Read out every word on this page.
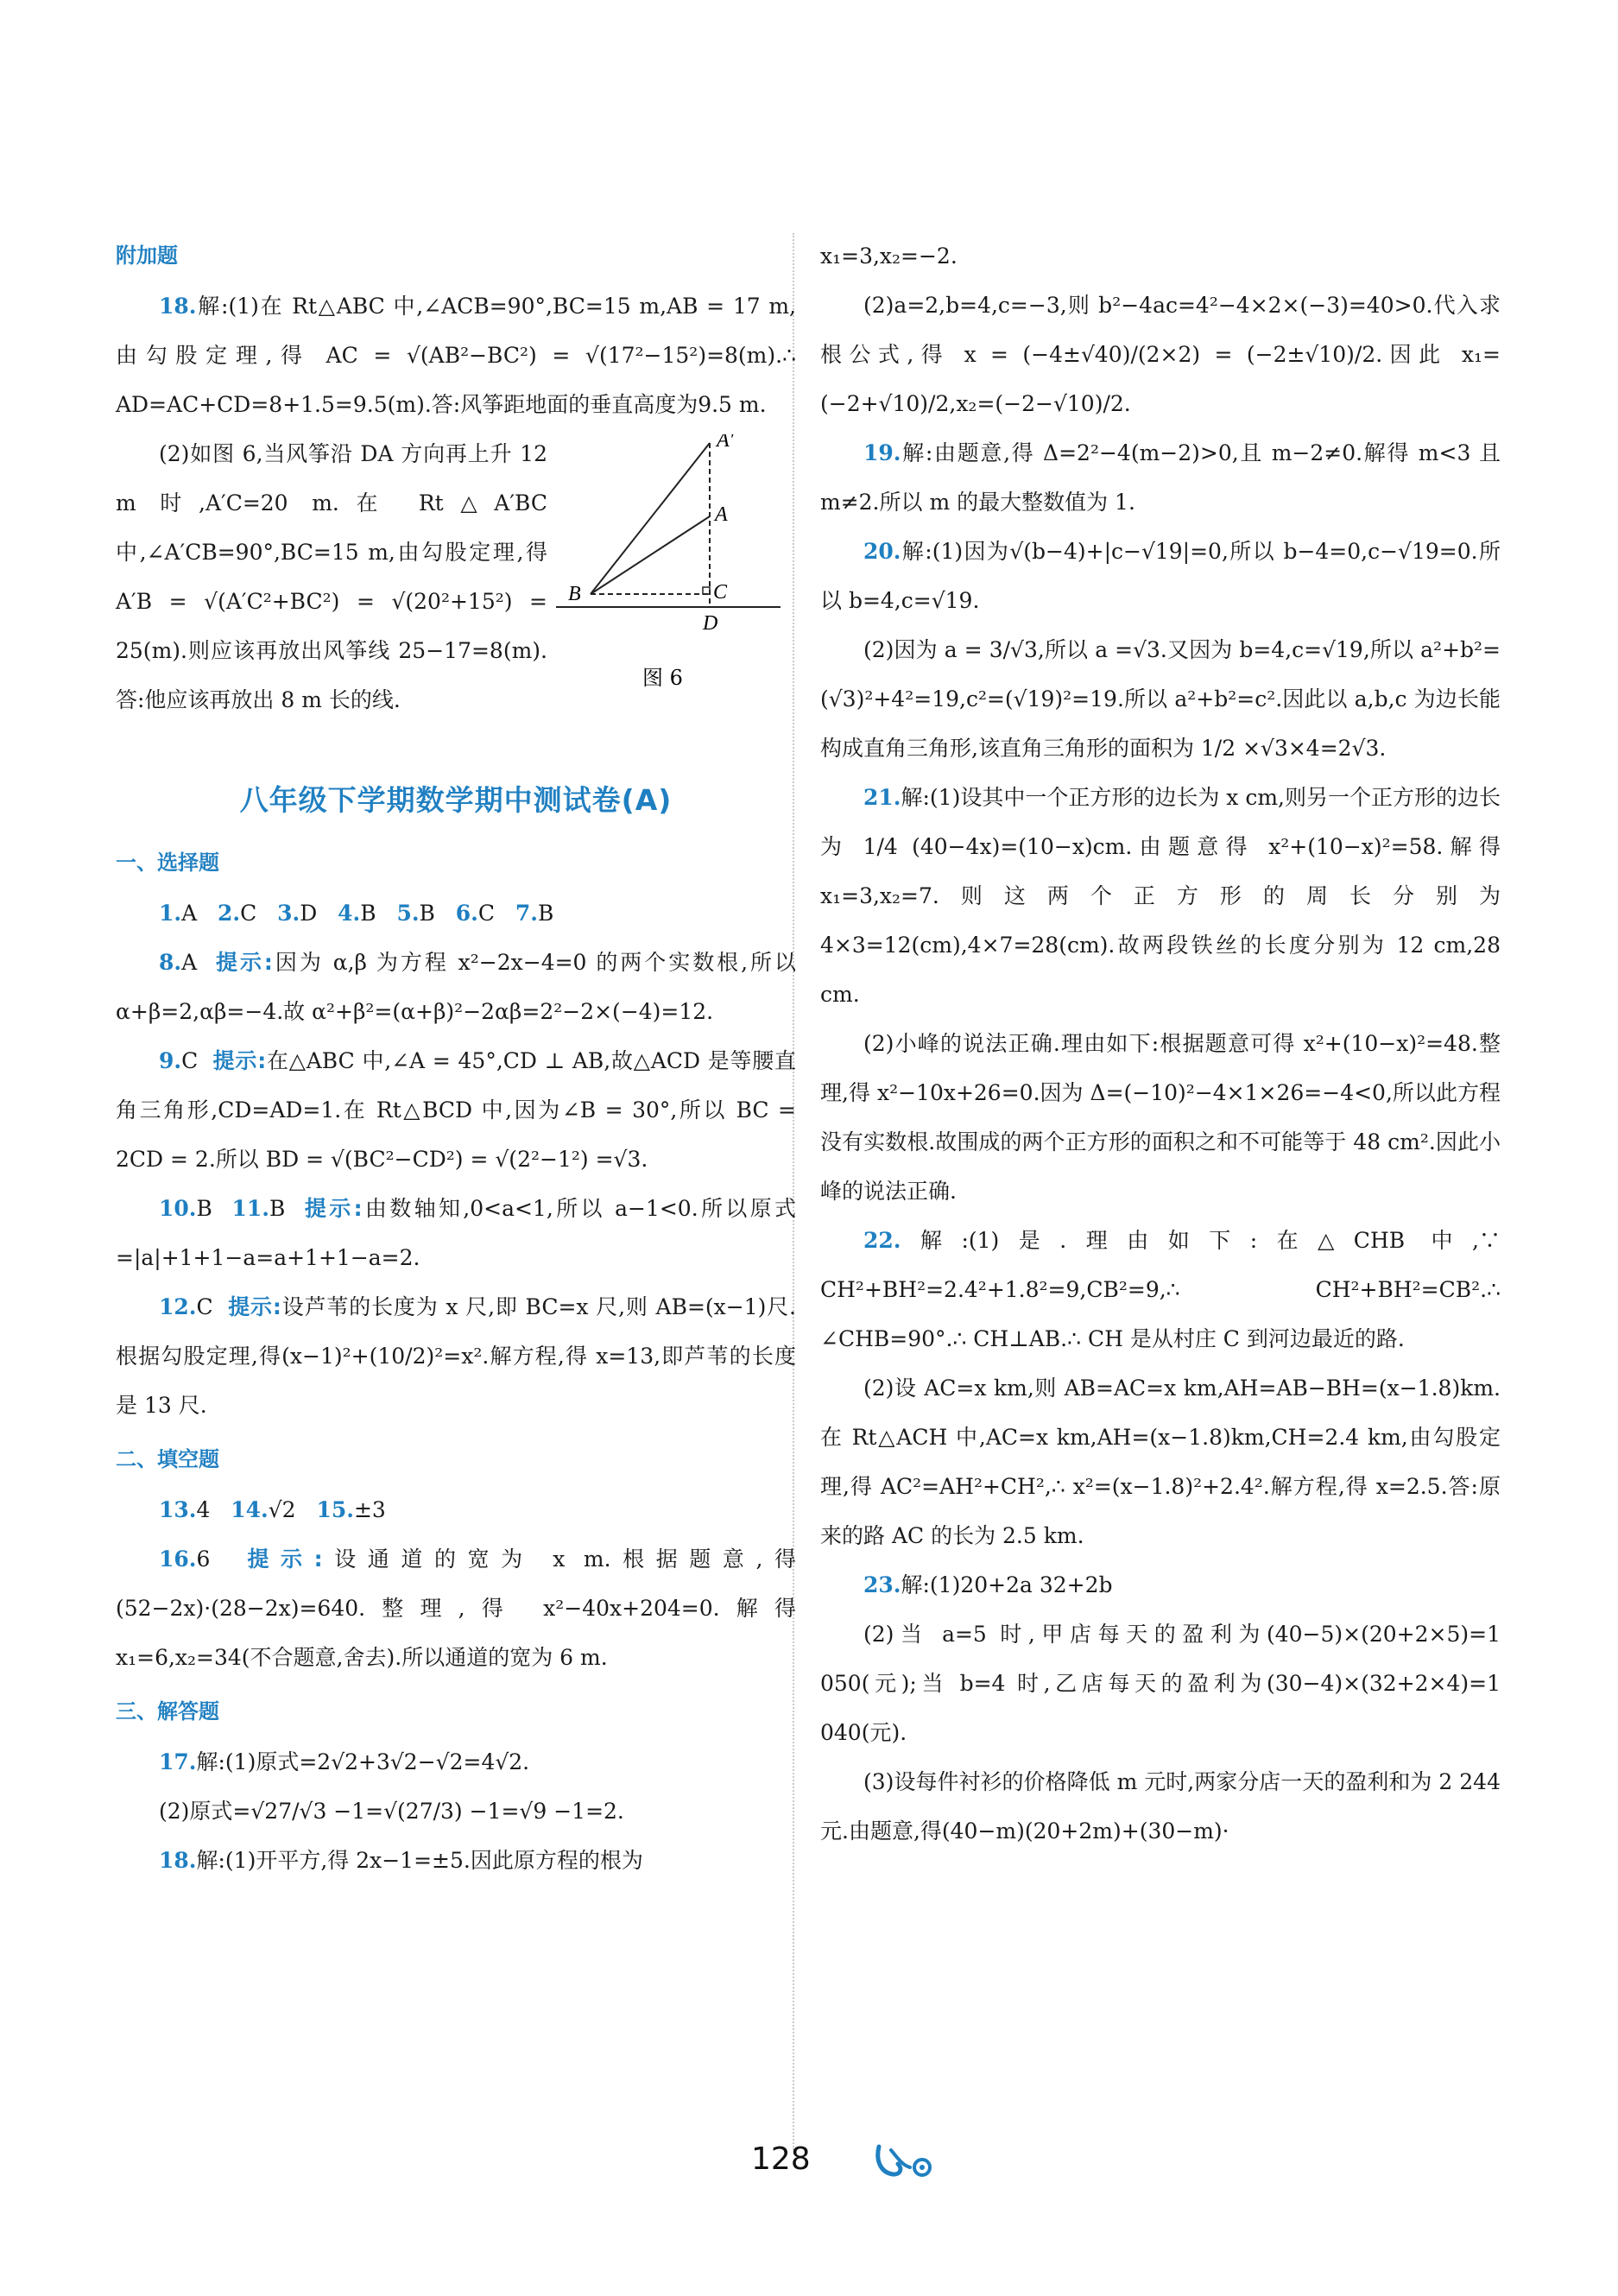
附加题

18.解:(1)在 Rt△ABC 中,∠ACB=90°,BC=15 m,AB = 17 m,由勾股定理,得 AC = √(AB²−BC²) = √(17²−15²)=8(m).∴ AD=AC+CD=8+1.5=9.5(m).答:风筝距地面的垂直高度为9.5 m.

(2)如图 6,当风筝沿 DA 方向再上升 12 m 时,A′C=20 m.在 Rt△A′BC 中,∠A′CB=90°,BC=15 m,由勾股定理,得 A′B = √(A′C²+BC²) = √(20²+15²) = 25(m).则应该再放出风筝线 25−17=8(m).答:他应该再放出 8 m 长的线.

A′
A
B	C
D
图 6
八年级下学期数学期中测试卷(A)
一、选择题

1.A 2.C 3.D 4.B 5.B 6.C 7.B

8.A 提示:因为 α,β 为方程 x²−2x−4=0 的两个实数根,所以 α+β=2,αβ=−4.故 α²+β²=(α+β)²−2αβ=2²−2×(−4)=12.

9.C 提示:在△ABC 中,∠A = 45°,CD ⊥ AB,故△ACD 是等腰直角三角形,CD=AD=1.在 Rt△BCD 中,因为∠B = 30°,所以 BC = 2CD = 2.所以 BD = √(BC²−CD²) = √(2²−1²) =√3.

10.B 11.B 提示:由数轴知,0<a<1,所以 a−1<0.所以原式=|a|+1+1−a=a+1+1−a=2.

12.C 提示:设芦苇的长度为 x 尺,即 BC=x 尺,则 AB=(x−1)尺.根据勾股定理,得(x−1)²+(10/2)²=x².解方程,得 x=13,即芦苇的长度是 13 尺.

二、填空题

13.4 14.√2 15.±3

16.6 提示:设通道的宽为 x m.根据题意,得(52−2x)·(28−2x)=640.整理,得 x²−40x+204=0.解得 x₁=6,x₂=34(不合题意,舍去).所以通道的宽为 6 m.

三、解答题

17.解:(1)原式=2√2+3√2−√2=4√2.

(2)原式=√27/√3 −1=√(27/3) −1=√9 −1=2.

18.解:(1)开平方,得 2x−1=±5.因此原方程的根为

x₁=3,x₂=−2.

(2)a=2,b=4,c=−3,则 b²−4ac=4²−4×2×(−3)=40>0.代入求根公式,得 x = (−4±√40)/(2×2) = (−2±√10)/2.因此 x₁=(−2+√10)/2,x₂=(−2−√10)/2.

19.解:由题意,得 Δ=2²−4(m−2)>0,且 m−2≠0.解得 m<3 且 m≠2.所以 m 的最大整数值为 1.

20.解:(1)因为√(b−4)+|c−√19|=0,所以 b−4=0,c−√19=0.所以 b=4,c=√19.

(2)因为 a = 3/√3,所以 a =√3.又因为 b=4,c=√19,所以 a²+b²=(√3)²+4²=19,c²=(√19)²=19.所以 a²+b²=c².因此以 a,b,c 为边长能构成直角三角形,该直角三角形的面积为 1/2 ×√3×4=2√3.

21.解:(1)设其中一个正方形的边长为 x cm,则另一个正方形的边长为 1/4 (40−4x)=(10−x)cm.由题意得 x²+(10−x)²=58.解得 x₁=3,x₂=7.则这两个正方形的周长分别为 4×3=12(cm),4×7=28(cm).故两段铁丝的长度分别为 12 cm,28 cm.

(2)小峰的说法正确.理由如下:根据题意可得 x²+(10−x)²=48.整理,得 x²−10x+26=0.因为 Δ=(−10)²−4×1×26=−4<0,所以此方程没有实数根.故围成的两个正方形的面积之和不可能等于 48 cm².因此小峰的说法正确.

22.解:(1)是.理由如下:在△CHB 中,∵ CH²+BH²=2.4²+1.8²=9,CB²=9,∴ CH²+BH²=CB².∴ ∠CHB=90°.∴ CH⊥AB.∴ CH 是从村庄 C 到河边最近的路.

(2)设 AC=x km,则 AB=AC=x km,AH=AB−BH=(x−1.8)km.在 Rt△ACH 中,AC=x km,AH=(x−1.8)km,CH=2.4 km,由勾股定理,得 AC²=AH²+CH²,∴ x²=(x−1.8)²+2.4².解方程,得 x=2.5.答:原来的路 AC 的长为 2.5 km.

23.解:(1)20+2a 32+2b

(2)当 a=5 时,甲店每天的盈利为(40−5)×(20+2×5)=1 050(元);当 b=4 时,乙店每天的盈利为(30−4)×(32+2×4)=1 040(元).

(3)设每件衬衫的价格降低 m 元时,两家分店一天的盈利和为 2 244 元.由题意,得(40−m)(20+2m)+(30−m)·

128
